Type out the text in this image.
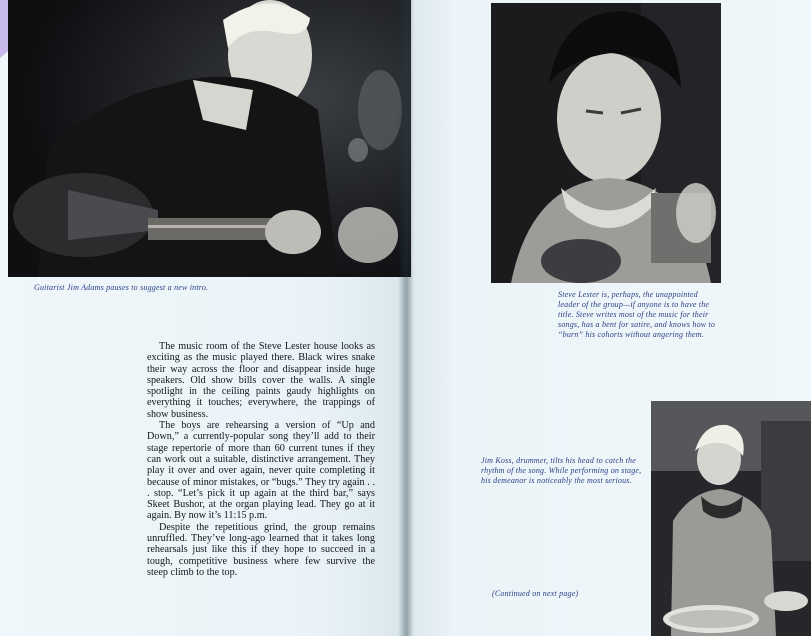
Guitarist Jim Adams pauses to suggest a new intro.
Steve Lester is, perhaps, the unappointed leader of the group—if anyone is to have the title. Steve writes most of the music for their songs, has a bent for satire, and knows how to “burn” his cohorts without angering them.
Jim Koss, drummer, tilts his head to catch the rhythm of the song. While performing on stage, his demeanor is noticeably the most serious.
(Continued on next page)

The music room of the Steve Lester house looks as exciting as the music played there. Black wires snake their way across the floor and disappear inside huge speakers. Old show bills cover the walls. A single spotlight in the ceiling paints gaudy highlights on everything it touches; everywhere, the trappings of show business.

The boys are rehearsing a version of “Up and Down,” a currently-popular song they’ll add to their stage repertorie of more than 60 current tunes if they can work out a suitable, distinctive arrangement. They play it over and over again, never quite completing it because of minor mistakes, or “bugs.” They try again . . . stop. “Let’s pick it up again at the third bar,” says Skeet Bushor, at the organ playing lead. They go at it again. By now it’s 11:15 p.m.

Despite the repetitious grind, the group remains unruffled. They’ve long-ago learned that it takes long rehearsals just like this if they hope to succeed in a tough, competitive business where few survive the steep climb to the top.
